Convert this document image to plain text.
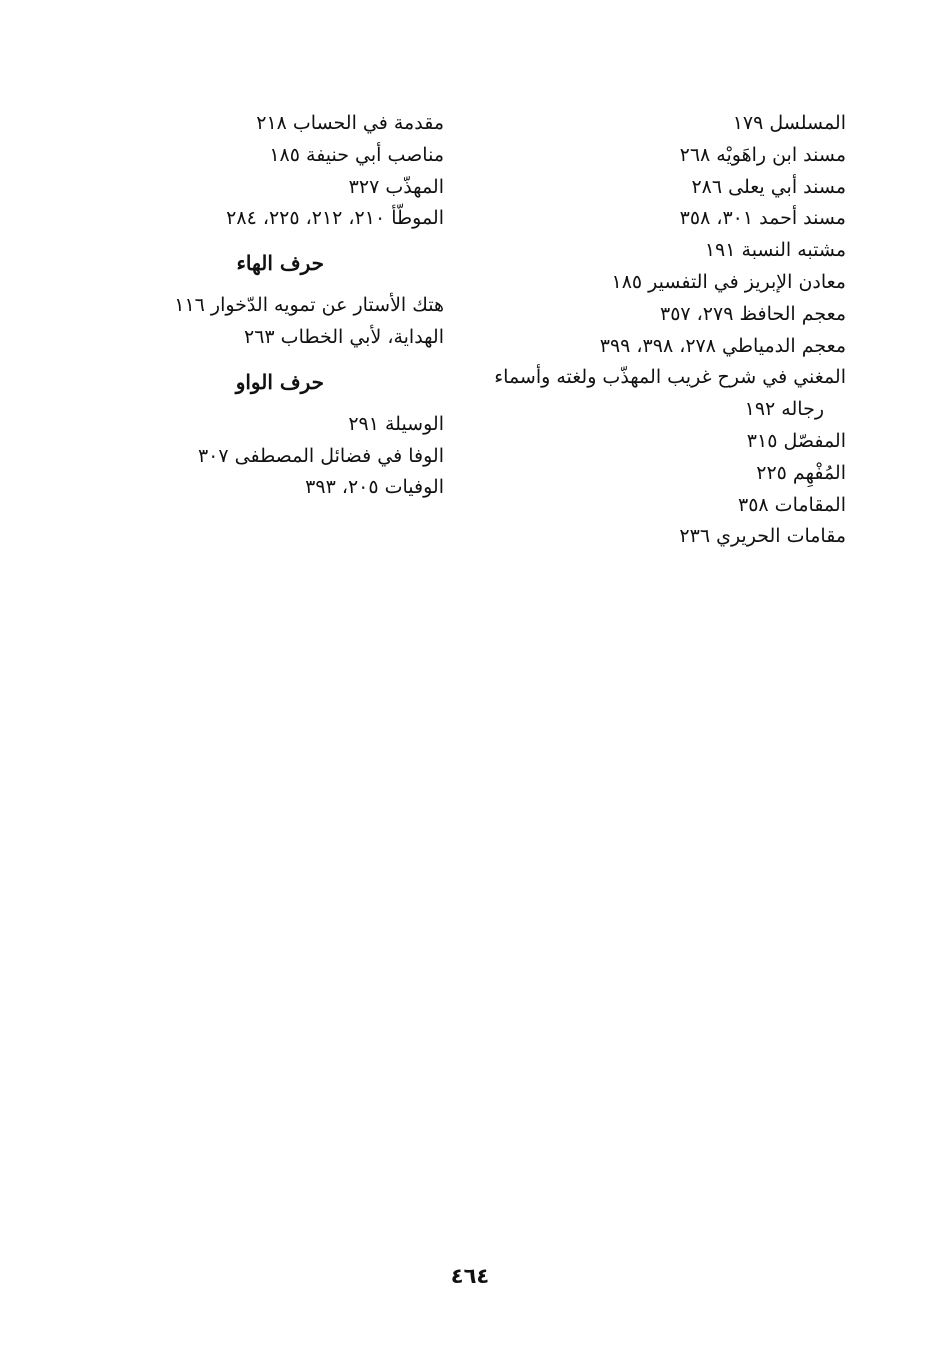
المسلسل ١٧٩

مسند ابن راهَويْه ٢٦٨

مسند أبي يعلى ٢٨٦

مسند أحمد ٣٠١، ٣٥٨

مشتبه النسبة ١٩١

معادن الإبريز في التفسير ١٨٥

معجم الحافظ ٢٧٩، ٣٥٧

معجم الدمياطي ٢٧٨، ٣٩٨، ٣٩٩

المغني في شرح غريب المهذّب ولغته وأسماء
رجاله ١٩٢

المفصّل ٣١٥

المُفْهِم ٢٢٥

المقامات ٣٥٨

مقامات الحريري ٢٣٦

مقدمة في الحساب ٢١٨

مناصب أبي حنيفة ١٨٥

المهذّب ٣٢٧

الموطّأ ٢١٠، ٢١٢، ٢٢٥، ٢٨٤

حرف الهاء

هتك الأستار عن تمويه الدّخوار ١١٦

الهداية، لأبي الخطاب ٢٦٣

حرف الواو

الوسيلة ٢٩١

الوفا في فضائل المصطفى ٣٠٧

الوفيات ٢٠٥، ٣٩٣

٤٦٤
